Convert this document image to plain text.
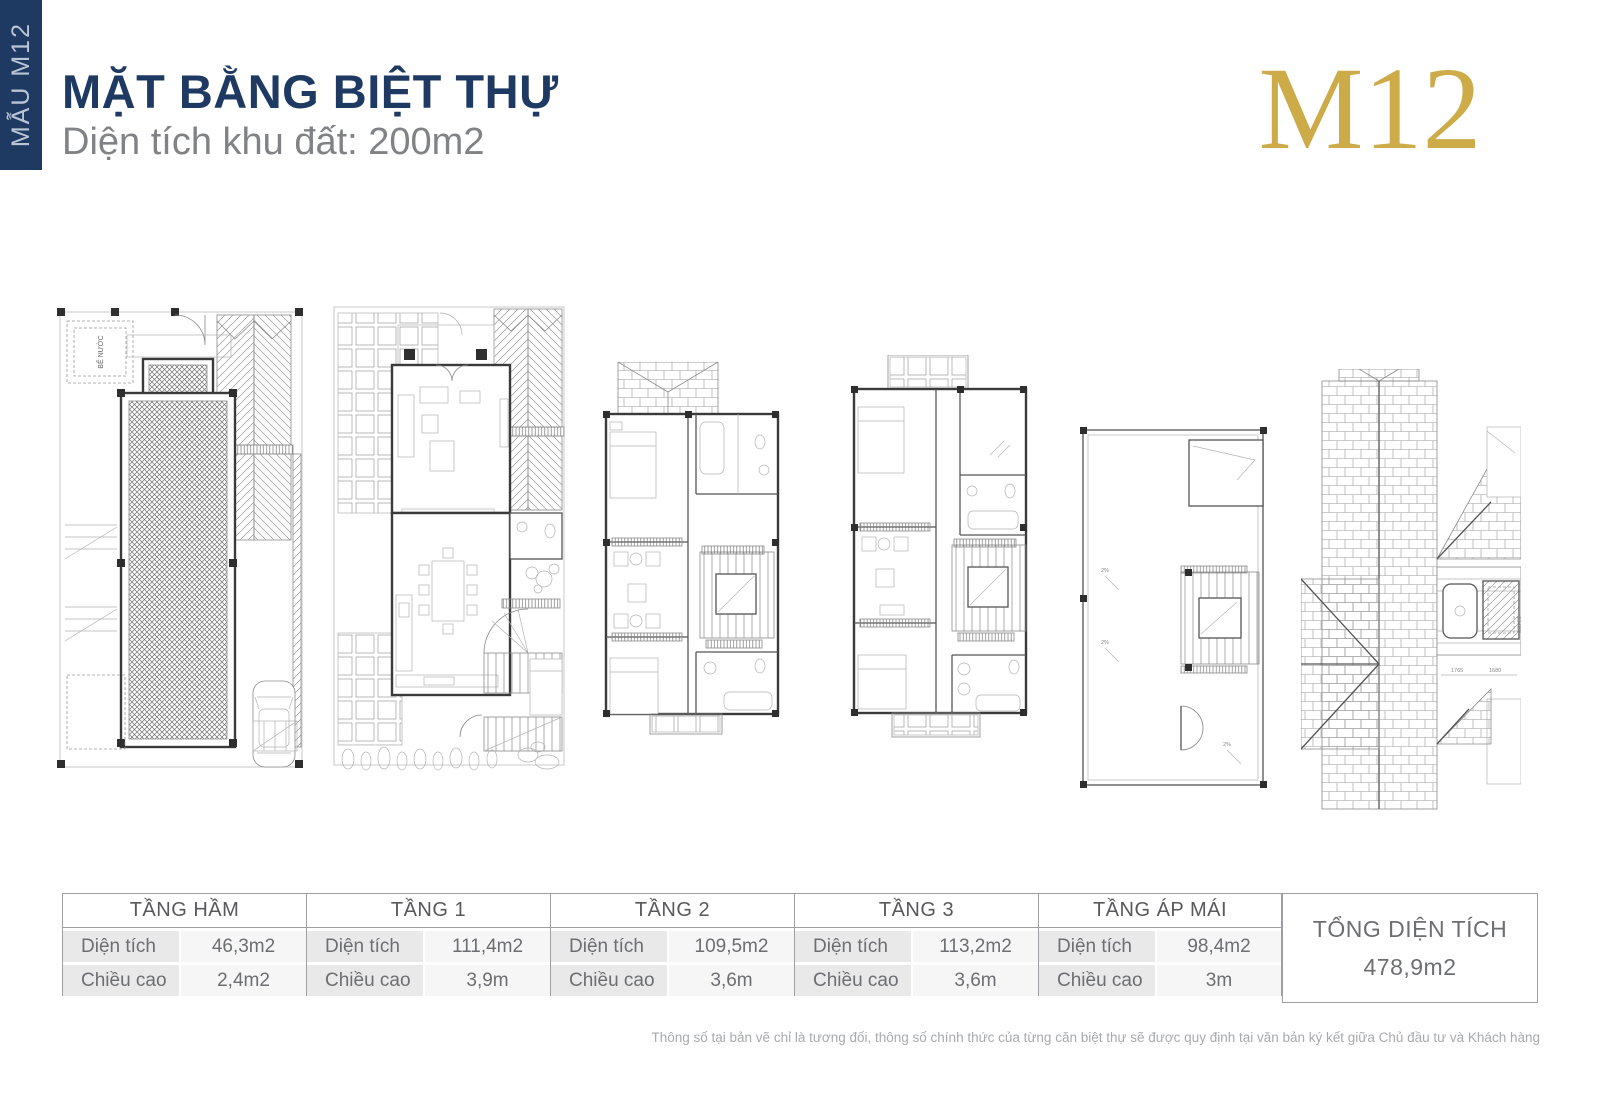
MẪU M12 MẶT BẰNG BIỆT THỰ
Diện tích khu đất: 200m2	M12
BỂ NƯỚC
2%
2%
2%
+13.800
1765	1680
TẦNG HẦM
Diện tích	46,3m2
Chiều cao	2,4m2
TẦNG 1
Diện tích	111,4m2
Chiều cao	3,9m
TẦNG 2
Diện tích	109,5m2
Chiều cao	3,6m
TẦNG 3
Diện tích	113,2m2
Chiều cao	3,6m
TẦNG ÁP MÁI
Diện tích	98,4m2
Chiều cao	3m
TỔNG DIỆN TÍCH
478,9m2
Thông số tại bản vẽ chỉ là tương đối, thông số chính thức của từng căn biệt thự sẽ được quy định tại văn bản ký kết giữa Chủ đầu tư và Khách hàng
